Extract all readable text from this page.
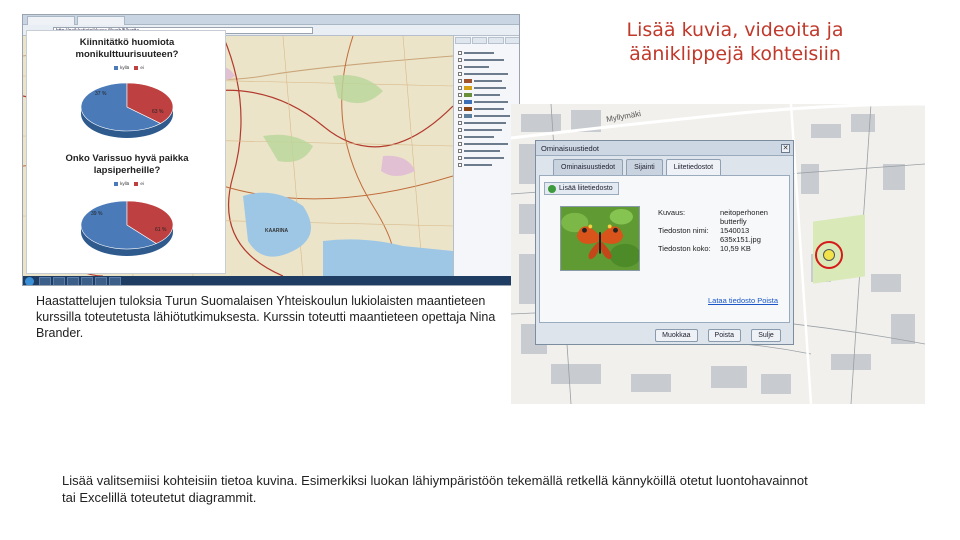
Lisää kuvia, videoita ja
ääniklippejä kohteisiin
KAARINA
Kiinnitätkö huomiota
monikulttuurisuuteen?
kyllä	ei
37 %
63 %
Onko Varissuo hyvä paikka
lapsiperheille?
kyllä	ei
39 %
61 %
Haastattelujen tuloksia Turun Suomalaisen Yhteiskoulun lukiolaisten maantieteen kurssilla toteutetusta lähiötutkimuksesta. Kurssin toteutti maantieteen opettaja Nina Brander.
Myllymäki
Ominaisuustiedot	✕
Ominaisuustiedot	Sijainti	Liitetiedostot
Lisää liitetiedosto
Kuvaus:	neitoperhonen
butterfly
Tiedoston nimi:	1540013 635x151.jpg
Tiedoston koko:	10,59 KB
Lataa tiedosto Poista
Muokkaa	Poista	Sulje
Lisää valitsemiisi kohteisiin tietoa kuvina. Esimerkiksi luokan lähiympäristöön tekemällä retkellä kännyköillä otetut luontohavainnot tai Excelillä toteutetut diagrammit.
